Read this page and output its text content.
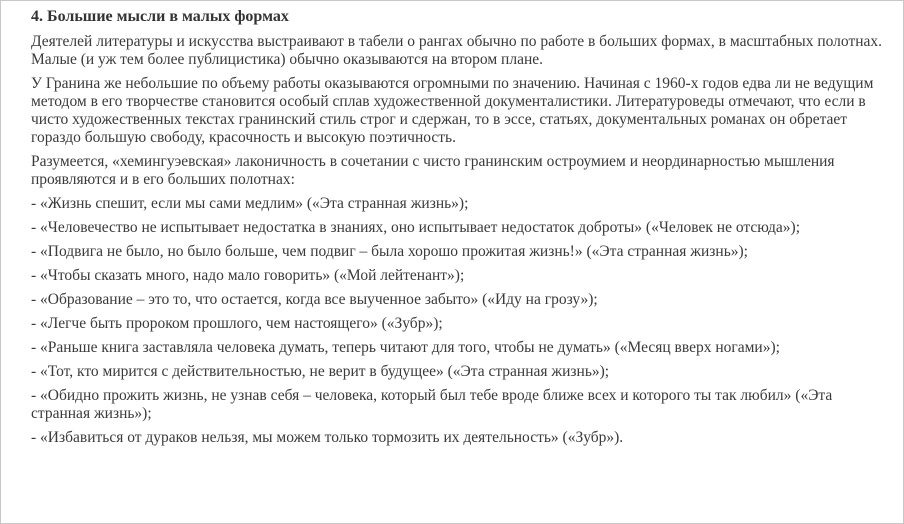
4. Большие мысли в малых формах

Деятелей литературы и искусства выстраивают в табели о рангах обычно по работе в больших формах, в масштабных полотнах. Малые (и уж тем более публицистика) обычно оказываются на втором плане.

У Гранина же небольшие по объему работы оказываются огромными по значению. Начиная с 1960-х годов едва ли не ведущим методом в его творчестве становится особый сплав художественной документалистики. Литературоведы отмечают, что если в чисто художественных текстах гранинский стиль строг и сдержан, то в эссе, статьях, документальных романах он обретает гораздо большую свободу, красочность и высокую поэтичность.

Разумеется, «хемингуэевская» лаконичность в сочетании с чисто гранинским остроумием и неординарностью мышления проявляются и в его больших полотнах:

- «Жизнь спешит, если мы сами медлим» («Эта странная жизнь»);

- «Человечество не испытывает недостатка в знаниях, оно испытывает недостаток доброты» («Человек не отсюда»);

- «Подвига не было, но было больше, чем подвиг – была хорошо прожитая жизнь!» («Эта странная жизнь»);

- «Чтобы сказать много, надо мало говорить» («Мой лейтенант»);

- «Образование – это то, что остается, когда все выученное забыто» («Иду на грозу»);

- «Легче быть пророком прошлого, чем настоящего» («Зубр»);

- «Раньше книга заставляла человека думать, теперь читают для того, чтобы не думать» («Месяц вверх ногами»);

- «Тот, кто мирится с действительностью, не верит в будущее» («Эта странная жизнь»);

- «Обидно прожить жизнь, не узнав себя – человека, который был тебе вроде ближе всех и которого ты так любил» («Эта странная жизнь»);

- «Избавиться от дураков нельзя, мы можем только тормозить их деятельность» («Зубр»).
